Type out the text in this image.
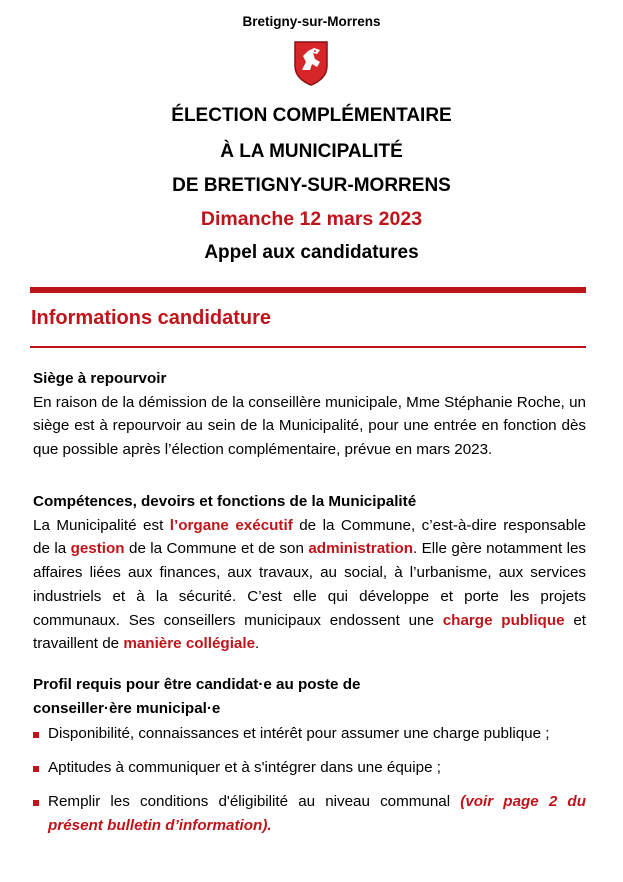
Bretigny-sur-Morrens
ÉLECTION COMPLÉMENTAIRE
À LA MUNICIPALITÉ
DE BRETIGNY-SUR-MORRENS
Dimanche 12 mars 2023
Appel aux candidatures
Informations candidature
Siège à repourvoir
En raison de la démission de la conseillère municipale, Mme Stéphanie Roche, un siège est à repourvoir au sein de la Municipalité, pour une entrée en fonction dès que possible après l’élection complémentaire, prévue en mars 2023.
Compétences, devoirs et fonctions de la Municipalité
La Municipalité est l’organe exécutif de la Commune, c’est-à-dire responsable de la gestion de la Commune et de son administration. Elle gère notamment les affaires liées aux finances, aux travaux, au social, à l’urbanisme, aux services industriels et à la sécurité. C’est elle qui développe et porte les projets communaux. Ses conseillers municipaux endossent une charge publique et travaillent de manière collégiale.
Profil requis pour être candidat·e au poste de
conseiller·ère municipal·e
Disponibilité, connaissances et intérêt pour assumer une charge publique ;
Aptitudes à communiquer et à s'intégrer dans une équipe ;
Remplir les conditions d'éligibilité au niveau communal (voir page 2 du présent bulletin d’information).
